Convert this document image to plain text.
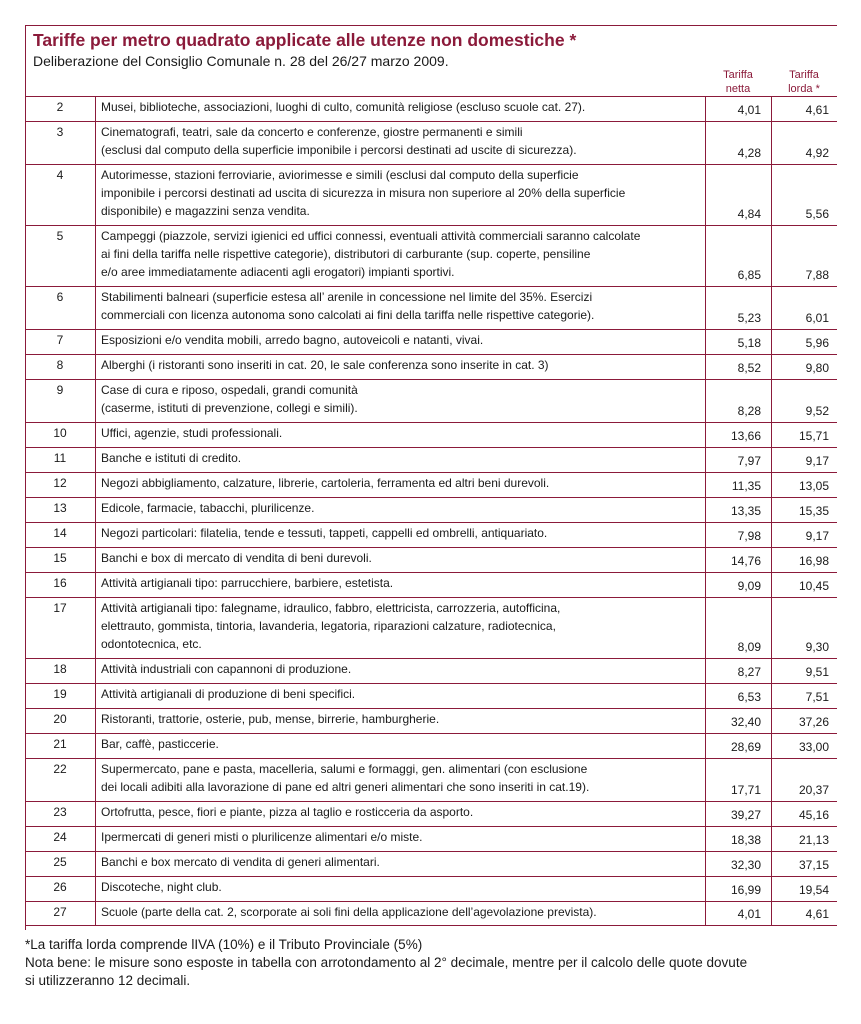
Tariffe per metro quadrato applicate alle utenze non domestiche *
Deliberazione del Consiglio Comunale n. 28 del 26/27 marzo 2009.
Tariffa
netta
Tariffa
lorda *
2	Musei, biblioteche, associazioni, luoghi di culto, comunità religiose (escluso scuole cat. 27).	4,01	4,61
3	Cinematografi, teatri, sale da concerto e conferenze, giostre permanenti e simili
(esclusi dal computo della superficie imponibile i percorsi destinati ad uscite di sicurezza).	4,28	4,92
4	Autorimesse, stazioni ferroviarie, aviorimesse e simili (esclusi dal computo della superficie
imponibile i percorsi destinati ad uscita di sicurezza in misura non superiore al 20% della superficie
disponibile) e magazzini senza vendita.	4,84	5,56
5	Campeggi (piazzole, servizi igienici ed uffici connessi, eventuali attività commerciali saranno calcolate
ai fini della tariffa nelle rispettive categorie), distributori di carburante (sup. coperte, pensiline
e/o aree immediatamente adiacenti agli erogatori) impianti sportivi.	6,85	7,88
6	Stabilimenti balneari (superficie estesa all’ arenile in concessione nel limite del 35%. Esercizi
commerciali con licenza autonoma sono calcolati ai fini della tariffa nelle rispettive categorie).	5,23	6,01
7	Esposizioni e/o vendita mobili, arredo bagno, autoveicoli e natanti, vivai.	5,18	5,96
8	Alberghi (i ristoranti sono inseriti in cat. 20, le sale conferenza sono inserite in cat. 3)	8,52	9,80
9	Case di cura e riposo, ospedali, grandi comunità
(caserme, istituti di prevenzione, collegi e simili).	8,28	9,52
10	Uffici, agenzie, studi professionali.	13,66	15,71
11	Banche e istituti di credito.	7,97	9,17
12	Negozi abbigliamento, calzature, librerie, cartoleria, ferramenta ed altri beni durevoli.	11,35	13,05
13	Edicole, farmacie, tabacchi, plurilicenze.	13,35	15,35
14	Negozi particolari: filatelia, tende e tessuti, tappeti, cappelli ed ombrelli, antiquariato.	7,98	9,17
15	Banchi e box di mercato di vendita di beni durevoli.	14,76	16,98
16	Attività artigianali tipo: parrucchiere, barbiere, estetista.	9,09	10,45
17	Attività artigianali tipo: falegname, idraulico, fabbro, elettricista, carrozzeria, autofficina,
elettrauto, gommista, tintoria, lavanderia, legatoria, riparazioni calzature, radiotecnica,
odontotecnica, etc.	8,09	9,30
18	Attività industriali con capannoni di produzione.	8,27	9,51
19	Attività artigianali di produzione di beni specifici.	6,53	7,51
20	Ristoranti, trattorie, osterie, pub, mense, birrerie, hamburgherie.	32,40	37,26
21	Bar, caffè, pasticcerie.	28,69	33,00
22	Supermercato, pane e pasta, macelleria, salumi e formaggi, gen. alimentari (con esclusione
dei locali adibiti alla lavorazione di pane ed altri generi alimentari che sono inseriti in cat.19).	17,71	20,37
23	Ortofrutta, pesce, fiori e piante, pizza al taglio e rosticceria da asporto.	39,27	45,16
24	Ipermercati di generi misti o plurilicenze alimentari e/o miste.	18,38	21,13
25	Banchi e box mercato di vendita di generi alimentari.	32,30	37,15
26	Discoteche, night club.	16,99	19,54
27	Scuole (parte della cat. 2, scorporate ai soli fini della applicazione dell’agevolazione prevista).	4,01	4,61
*La tariffa lorda comprende lIVA (10%) e il Tributo Provinciale (5%)
Nota bene: le misure sono esposte in tabella con arrotondamento al 2° decimale, mentre per il calcolo delle quote dovute
si utilizzeranno 12 decimali.
